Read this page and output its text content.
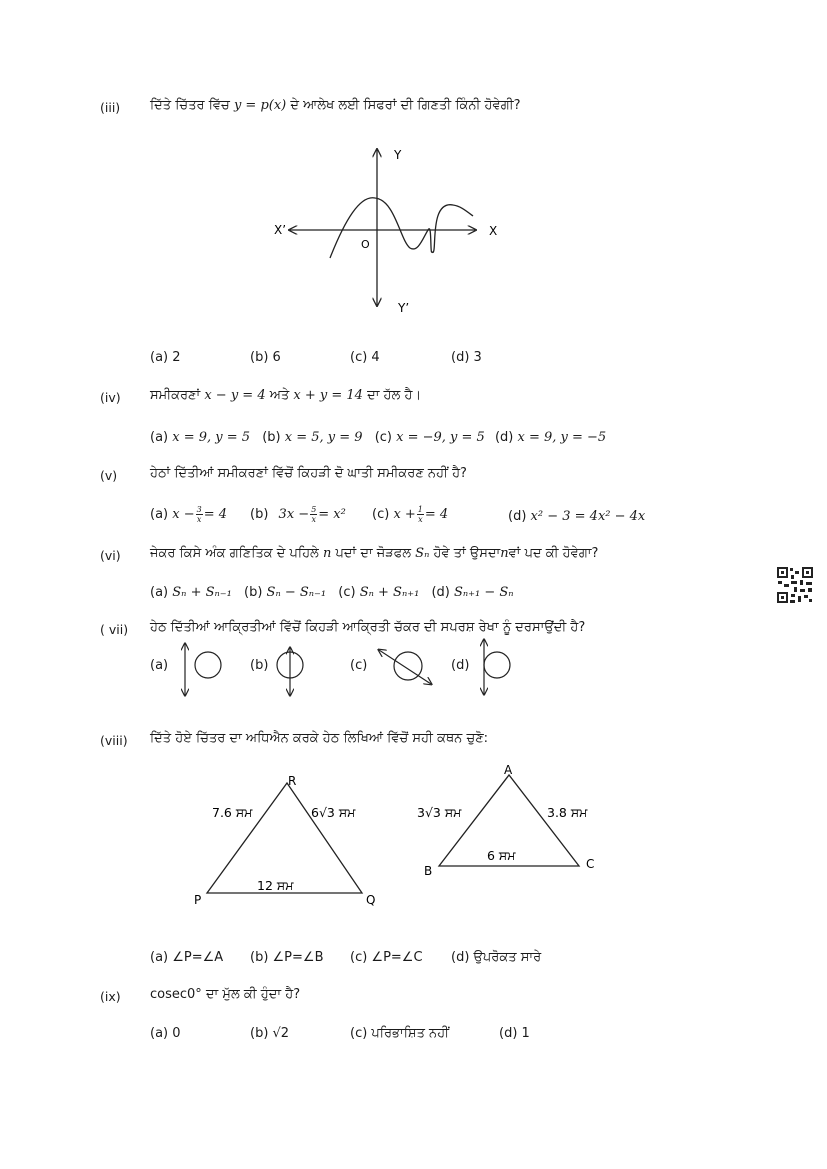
(iii) ਦਿੱਤੇ ਚਿੱਤਰ ਵਿੱਚ y = p(x) ਦੇ ਆਲੇਖ ਲਈ ਸਿਫਰਾਂ ਦੀ ਗਿਣਤੀ ਕਿੰਨੀ ਹੋਵੇਗੀ?
Y
Y’
X
X’
O
(a) 2	(b) 6	(c) 4	(d) 3
(iv) ਸਮੀਕਰਣਾਂ x − y = 4 ਅਤੇ x + y = 14 ਦਾ ਹੱਲ ਹੈ।
(a) x = 9, y = 5 (b) x = 5, y = 9 (c) x = −9, y = 5 (d) x = 9, y = −5
(v)	ਹੇਠਾਂ ਦਿੱਤੀਆਂ ਸਮੀਕਰਣਾਂ ਵਿੱਚੋਂ ਕਿਹੜੀ ਦੋ ਘਾਤੀ ਸਮੀਕਰਣ ਨਹੀਂ ਹੈ?
(a) $x - \frac{3}{x} = 4$ (b) $3x - \frac{5}{x} = x^2$ (c) $x + \frac{1}{x} = 4$	(d) x² − 3 = 4x² − 4x
(vi) ਜੇਕਰ ਕਿਸੇ ਅੰਕ ਗਣਿਤਿਕ ਦੇ ਪਹਿਲੇ n ਪਦਾਂ ਦਾ ਜੋੜਫਲ Sₙ ਹੋਵੇ ਤਾਂ ਉਸਦਾnਵਾਂ ਪਦ ਕੀ ਹੋਵੇਗਾ?
(a) Sₙ + Sₙ₋₁ (b) Sₙ − Sₙ₋₁ (c) Sₙ + Sₙ₊₁ (d) Sₙ₊₁ − Sₙ
( vii) ਹੇਠ ਦਿੱਤੀਆਂ ਆਕ੍ਰਿਤੀਆਂ ਵਿੱਚੋਂ ਕਿਹੜੀ ਆਕ੍ਰਿਤੀ ਚੱਕਰ ਦੀ ਸਪਰਸ਼ ਰੇਖਾ ਨੂੰ ਦਰਸਾਉਂਦੀ ਹੈ?
(a)	(b)	(c)	(d)
(viii) ਦਿੱਤੇ ਹੋਏ ਚਿੱਤਰ ਦਾ ਅਧਿਐਨ ਕਰਕੇ ਹੇਠ ਲਿਖਿਆਂ ਵਿੱਚੋਂ ਸਹੀ ਕਥਨ ਚੁਣੋ:
P	Q
R
7.6 ਸਮ	6√3 ਸਮ
12 ਸਮ
A
B	C
3√3 ਸਮ	3.8 ਸਮ
6 ਸਮ
(a) ∠P=∠A (b) ∠P=∠B (c) ∠P=∠C (d) ਉਪਰੋਕਤ ਸਾਰੇ
(ix) cosec0° ਦਾ ਮੁੱਲ ਕੀ ਹੁੰਦਾ ਹੈ?
(a) 0	(b) √2	(c) ਪਰਿਭਾਸ਼ਿਤ ਨਹੀਂ	(d) 1
